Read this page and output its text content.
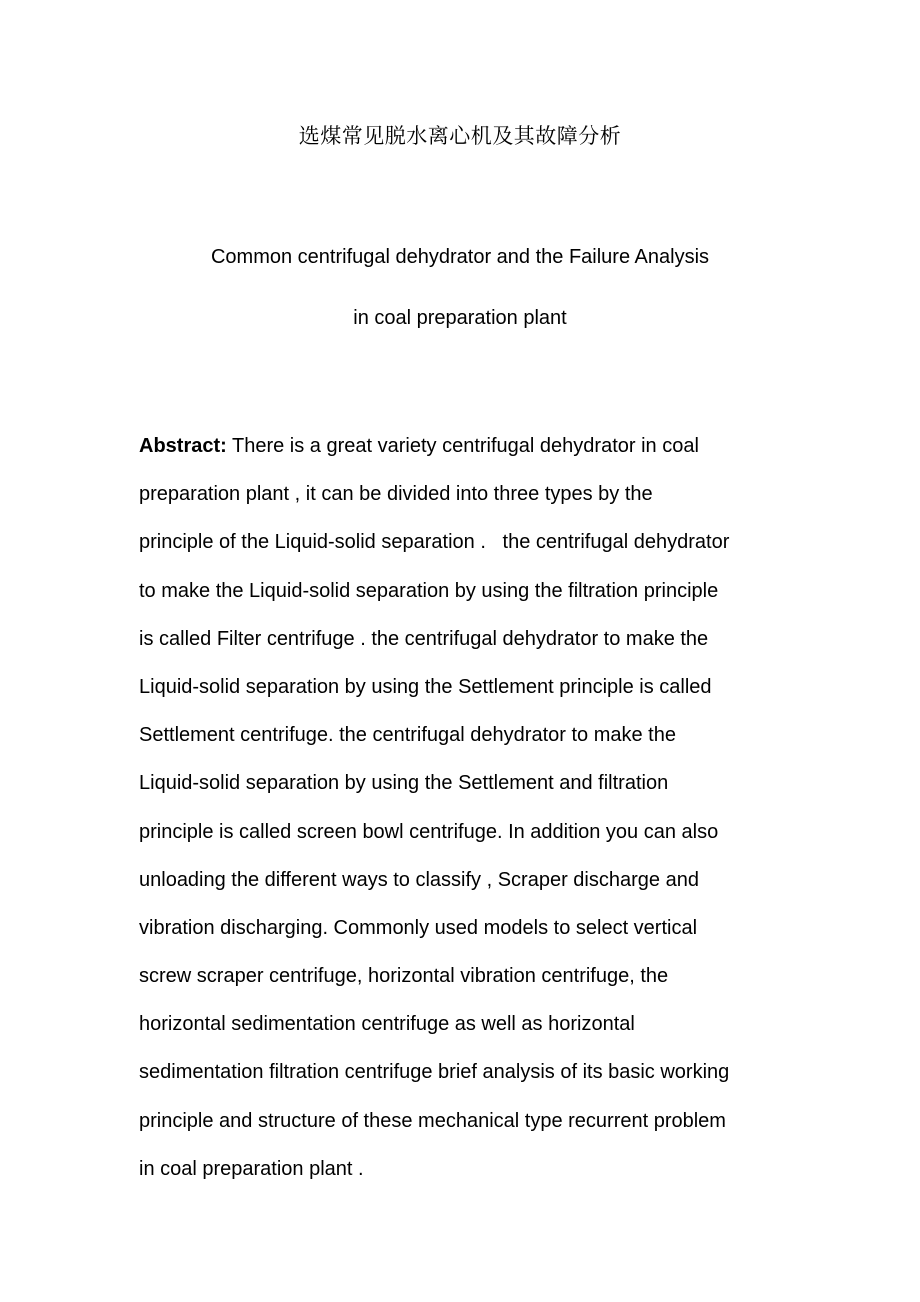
选煤常见脱水离心机及其故障分析
Common centrifugal dehydrator and the Failure Analysis
in coal preparation plant
Abstract: There is a great variety centrifugal dehydrator in coal
preparation plant , it can be divided into three types by the
principle of the Liquid-solid separation .   the centrifugal dehydrator
to make the Liquid-solid separation by using the filtration principle
is called Filter centrifuge . the centrifugal dehydrator to make the
Liquid-solid separation by using the Settlement principle is called
Settlement centrifuge. the centrifugal dehydrator to make the
Liquid-solid separation by using the Settlement and filtration
principle is called screen bowl centrifuge. In addition you can also
unloading the different ways to classify , Scraper discharge and
vibration discharging. Commonly used models to select vertical
screw scraper centrifuge, horizontal vibration centrifuge, the
horizontal sedimentation centrifuge as well as horizontal
sedimentation filtration centrifuge brief analysis of its basic working
principle and structure of these mechanical type recurrent problem
in coal preparation plant .
